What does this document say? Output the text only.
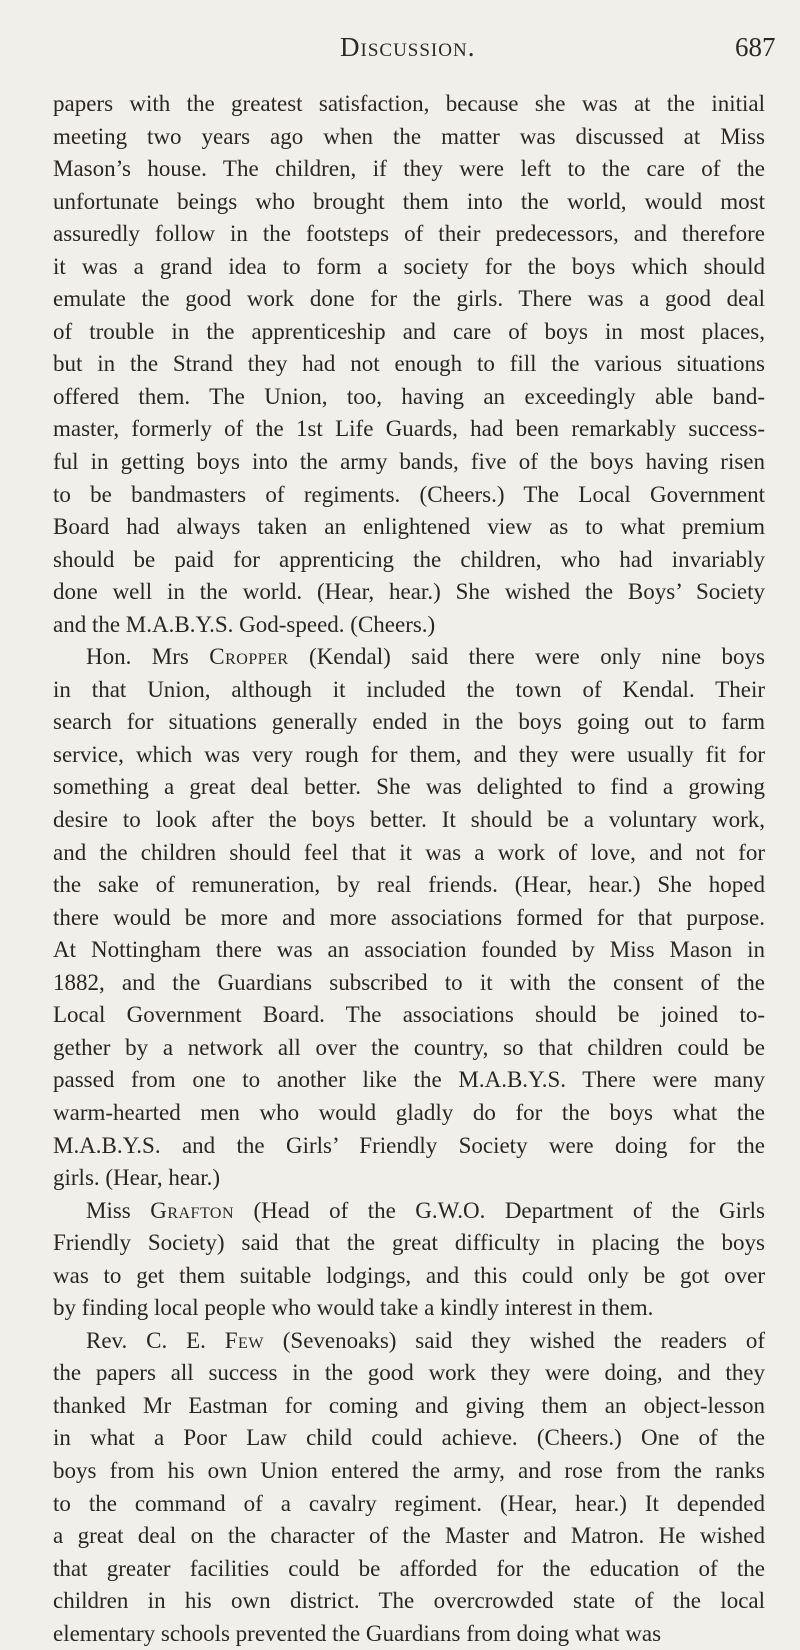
Discussion.	687
papers with the greatest satisfaction, because she was at the initial
meeting two years ago when the matter was discussed at Miss
Mason’s house. The children, if they were left to the care of the
unfortunate beings who brought them into the world, would most
assuredly follow in the footsteps of their predecessors, and therefore
it was a grand idea to form a society for the boys which should
emulate the good work done for the girls. There was a good deal
of trouble in the apprenticeship and care of boys in most places,
but in the Strand they had not enough to fill the various situations
offered them. The Union, too, having an exceedingly able band-
master, formerly of the 1st Life Guards, had been remarkably success-
ful in getting boys into the army bands, five of the boys having risen
to be bandmasters of regiments. (Cheers.) The Local Government
Board had always taken an enlightened view as to what premium
should be paid for apprenticing the children, who had invariably
done well in the world. (Hear, hear.) She wished the Boys’ Society
and the M.A.B.Y.S. God-speed. (Cheers.)
Hon. Mrs Cropper (Kendal) said there were only nine boys
in that Union, although it included the town of Kendal. Their
search for situations generally ended in the boys going out to farm
service, which was very rough for them, and they were usually fit for
something a great deal better. She was delighted to find a growing
desire to look after the boys better. It should be a voluntary work,
and the children should feel that it was a work of love, and not for
the sake of remuneration, by real friends. (Hear, hear.) She hoped
there would be more and more associations formed for that purpose.
At Nottingham there was an association founded by Miss Mason in
1882, and the Guardians subscribed to it with the consent of the
Local Government Board. The associations should be joined to-
gether by a network all over the country, so that children could be
passed from one to another like the M.A.B.Y.S. There were many
warm-hearted men who would gladly do for the boys what the
M.A.B.Y.S. and the Girls’ Friendly Society were doing for the
girls. (Hear, hear.)
Miss Grafton (Head of the G.W.O. Department of the Girls
Friendly Society) said that the great difficulty in placing the boys
was to get them suitable lodgings, and this could only be got over
by finding local people who would take a kindly interest in them.
Rev. C. E. Few (Sevenoaks) said they wished the readers of
the papers all success in the good work they were doing, and they
thanked Mr Eastman for coming and giving them an object-lesson
in what a Poor Law child could achieve. (Cheers.) One of the
boys from his own Union entered the army, and rose from the ranks
to the command of a cavalry regiment. (Hear, hear.) It depended
a great deal on the character of the Master and Matron. He wished
that greater facilities could be afforded for the education of the
children in his own district. The overcrowded state of the local
elementary schools prevented the Guardians from doing what was
